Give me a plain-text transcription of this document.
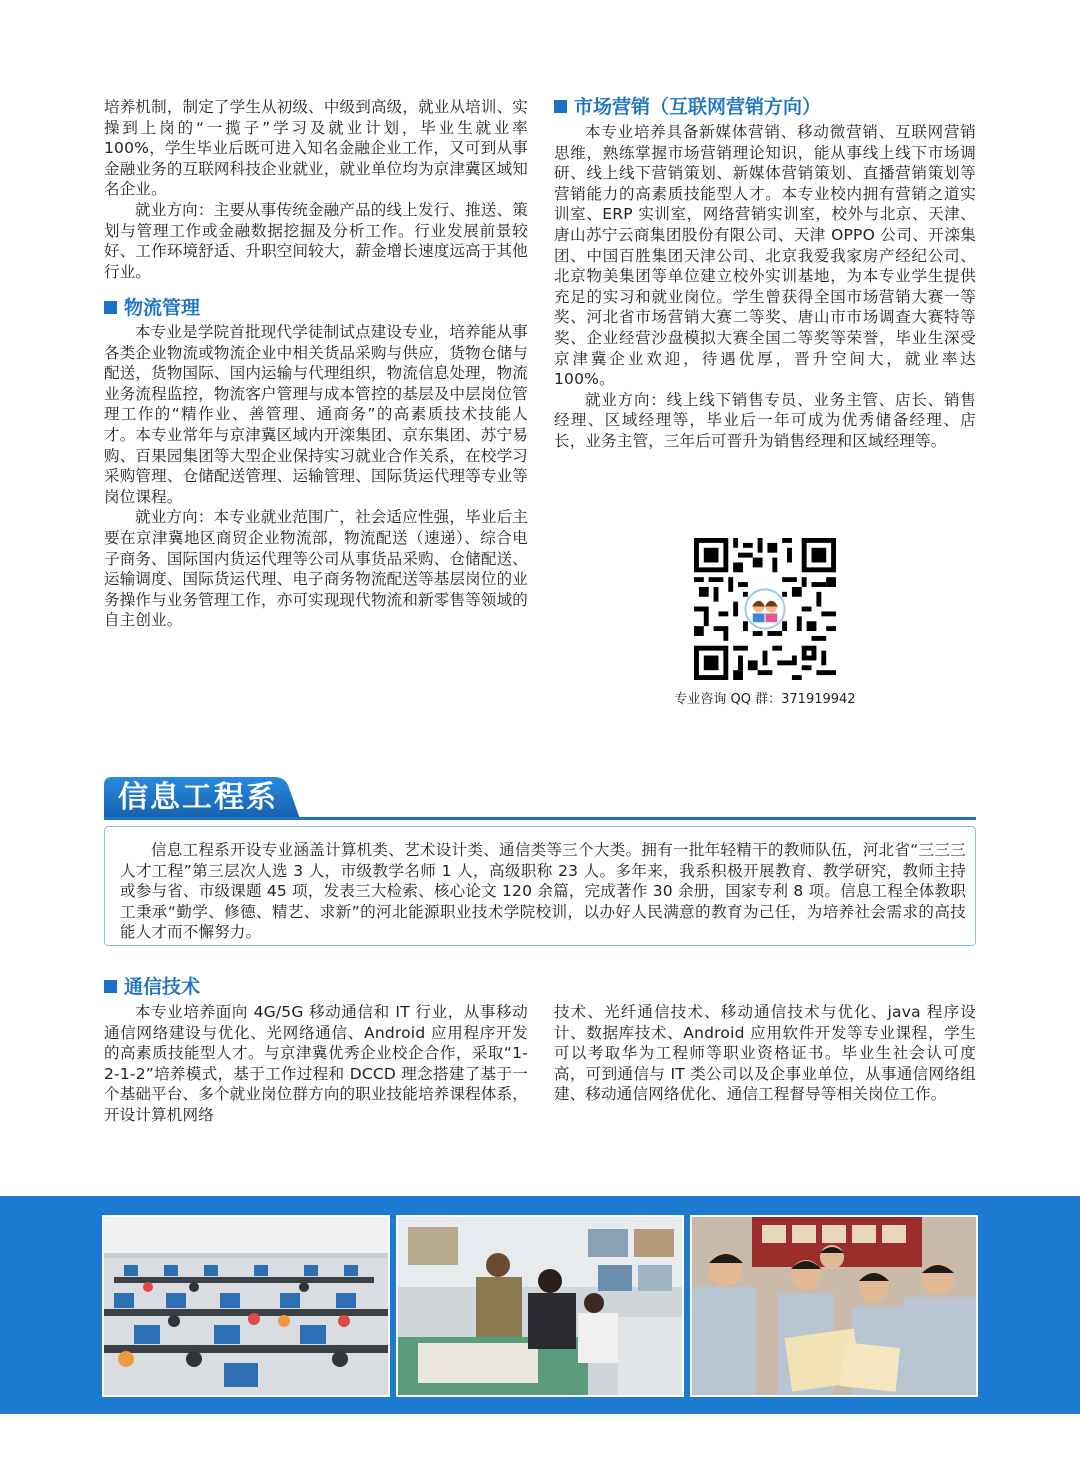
培养机制，制定了学生从初级、中级到高级，就业从培训、实操到上岗的“一揽子”学习及就业计划，毕业生就业率 100%，学生毕业后既可进入知名金融企业工作，又可到从事金融业务的互联网科技企业就业，就业单位均为京津冀区域知名企业。

就业方向：主要从事传统金融产品的线上发行、推送、策划与管理工作或金融数据挖掘及分析工作。行业发展前景较好、工作环境舒适、升职空间较大，薪金增长速度远高于其他行业。

物流管理

本专业是学院首批现代学徒制试点建设专业，培养能从事各类企业物流或物流企业中相关货品采购与供应，货物仓储与配送，货物国际、国内运输与代理组织，物流信息处理，物流业务流程监控，物流客户管理与成本管控的基层及中层岗位管理工作的“精作业、善管理、通商务”的高素质技术技能人才。本专业常年与京津冀区域内开滦集团、京东集团、苏宁易购、百果园集团等大型企业保持实习就业合作关系，在校学习采购管理、仓储配送管理、运输管理、国际货运代理等专业等岗位课程。

就业方向：本专业就业范围广，社会适应性强，毕业后主要在京津冀地区商贸企业物流部，物流配送（速递）、综合电子商务、国际国内货运代理等公司从事货品采购、仓储配送、运输调度、国际货运代理、电子商务物流配送等基层岗位的业务操作与业务管理工作，亦可实现现代物流和新零售等领域的自主创业。

市场营销（互联网营销方向）

本专业培养具备新媒体营销、移动微营销、互联网营销思维，熟练掌握市场营销理论知识，能从事线上线下市场调研、线上线下营销策划、新媒体营销策划、直播营销策划等营销能力的高素质技能型人才。本专业校内拥有营销之道实训室、ERP 实训室，网络营销实训室，校外与北京、天津、唐山苏宁云商集团股份有限公司、天津 OPPO 公司、开滦集团、中国百胜集团天津公司、北京我爱我家房产经纪公司、北京物美集团等单位建立校外实训基地，为本专业学生提供充足的实习和就业岗位。学生曾获得全国市场营销大赛一等奖、河北省市场营销大赛二等奖、唐山市市场调查大赛特等奖、企业经营沙盘模拟大赛全国二等奖等荣誉，毕业生深受京津冀企业欢迎，待遇优厚，晋升空间大，就业率达 100%。

就业方向：线上线下销售专员、业务主管、店长、销售经理、区域经理等，毕业后一年可成为优秀储备经理、店长，业务主管，三年后可晋升为销售经理和区域经理等。

专业咨询 QQ 群：371919942
信息工程系

信息工程系开设专业涵盖计算机类、艺术设计类、通信类等三个大类。拥有一批年轻精干的教师队伍，河北省“三三三人才工程”第三层次人选 3 人，市级教学名师 1 人，高级职称 23 人。多年来，我系积极开展教育、教学研究，教师主持或参与省、市级课题 45 项，发表三大检索、核心论文 120 余篇，完成著作 30 余册，国家专利 8 项。信息工程全体教职工秉承“勤学、修德、精艺、求新”的河北能源职业技术学院校训，以办好人民满意的教育为己任，为培养社会需求的高技能人才而不懈努力。

通信技术

本专业培养面向 4G/5G 移动通信和 IT 行业，从事移动通信网络建设与优化、光网络通信、Android 应用程序开发的高素质技能型人才。与京津冀优秀企业校企合作，采取“1-2-1-2”培养模式，基于工作过程和 DCCD 理念搭建了基于一个基础平台、多个就业岗位群方向的职业技能培养课程体系，开设计算机网络

技术、光纤通信技术、移动通信技术与优化、java 程序设计、数据库技术、Android 应用软件开发等专业课程，学生可以考取华为工程师等职业资格证书。毕业生社会认可度高，可到通信与 IT 类公司以及企事业单位，从事通信网络组建、移动通信网络优化、通信工程督导等相关岗位工作。
